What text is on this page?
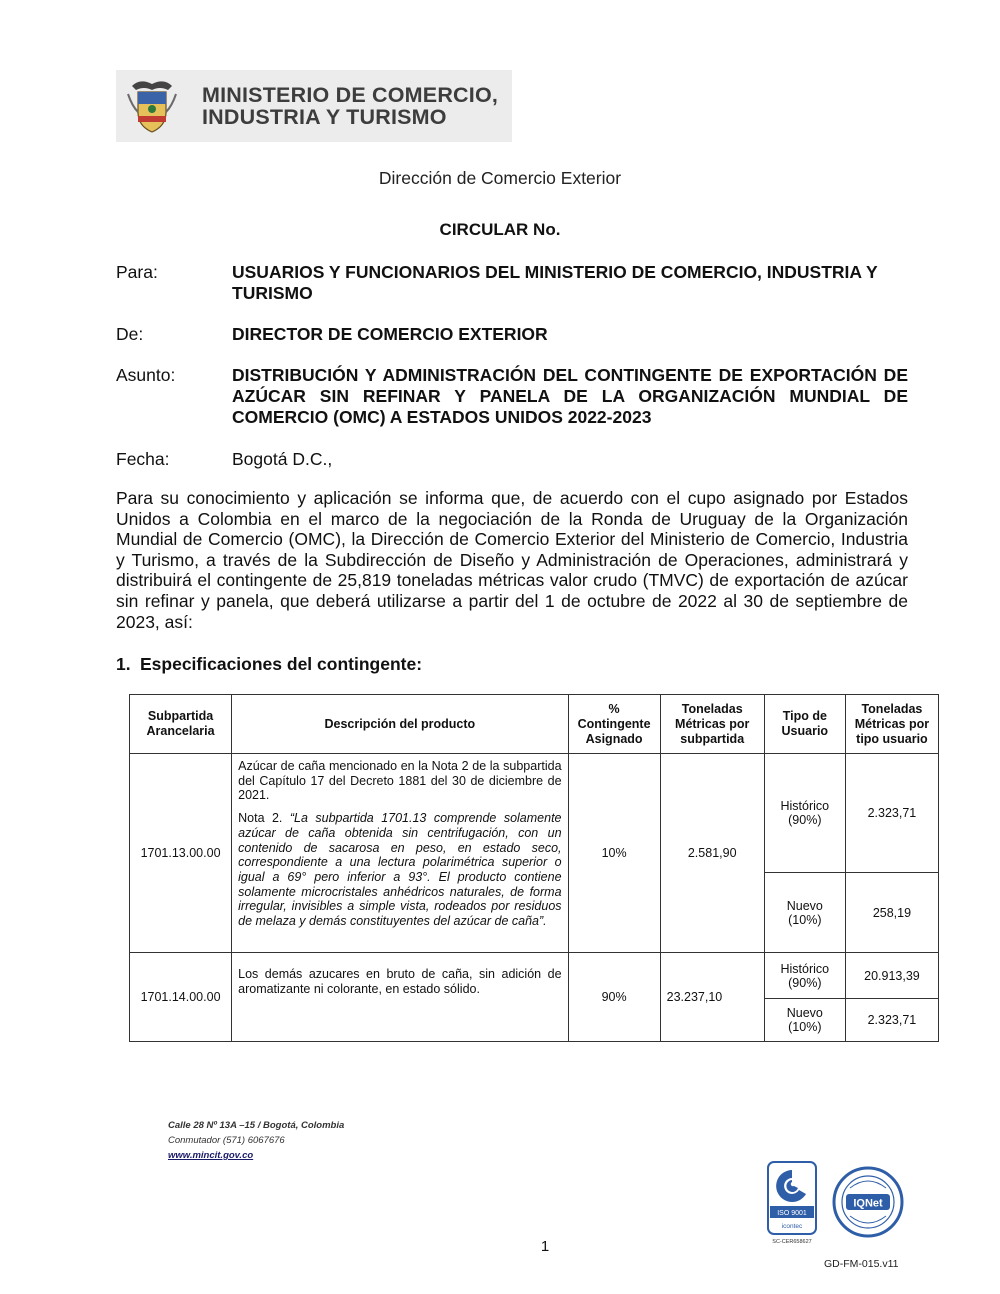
MINISTERIO DE COMERCIO,
INDUSTRIA Y TURISMO
Dirección de Comercio Exterior
CIRCULAR No.
Para:	USUARIOS Y FUNCIONARIOS DEL MINISTERIO DE COMERCIO, INDUSTRIA Y TURISMO
De:	DIRECTOR DE COMERCIO EXTERIOR
Asunto:	DISTRIBUCIÓN Y ADMINISTRACIÓN DEL CONTINGENTE DE EXPORTACIÓN DE AZÚCAR SIN REFINAR Y PANELA DE LA ORGANIZACIÓN MUNDIAL DE COMERCIO (OMC) A ESTADOS UNIDOS 2022-2023
Fecha:	Bogotá D.C.,
Para su conocimiento y aplicación se informa que, de acuerdo con el cupo asignado por Estados Unidos a Colombia en el marco de la negociación de la Ronda de Uruguay de la Organización Mundial de Comercio (OMC), la Dirección de Comercio Exterior del Ministerio de Comercio, Industria y Turismo, a través de la Subdirección de Diseño y Administración de Operaciones, administrará y distribuirá el contingente de 25,819 toneladas métricas valor crudo (TMVC) de exportación de azúcar sin refinar y panela, que deberá utilizarse a partir del 1 de octubre de 2022 al 30 de septiembre de 2023, así:
1. Especificaciones del contingente:
Subpartida Arancelaria	Descripción del producto	% Contingente Asignado	Toneladas Métricas por subpartida	Tipo de Usuario	Toneladas Métricas por tipo usuario
1701.13.00.00	Azúcar de caña mencionado en la Nota 2 de la subpartida del Capítulo 17 del Decreto 1881 del 30 de diciembre de 2021.

Nota 2. “La subpartida 1701.13 comprende solamente azúcar de caña obtenida sin centrifugación, con un contenido de sacarosa en peso, en estado seco, correspondiente a una lectura polarimétrica superior o igual a 69° pero inferior a 93°. El producto contiene solamente microcristales anhédricos naturales, de forma irregular, invisibles a simple vista, rodeados por residuos de melaza y demás constituyentes del azúcar de caña”.	10%	2.581,90	Histórico (90%)	2.323,71
				Nuevo (10%)	258,19
1701.14.00.00	Los demás azucares en bruto de caña, sin adición de aromatizante ni colorante, en estado sólido.	90%	23.237,10	Histórico (90%)	20.913,39
				Nuevo (10%)	2.323,71
Calle 28 Nº 13A –15 / Bogotá, Colombia
Conmutador (571) 6067676
www.mincit.gov.co
ISO 9001
icontec
SC-CER658627
IQNet
1
GD-FM-015.v11
